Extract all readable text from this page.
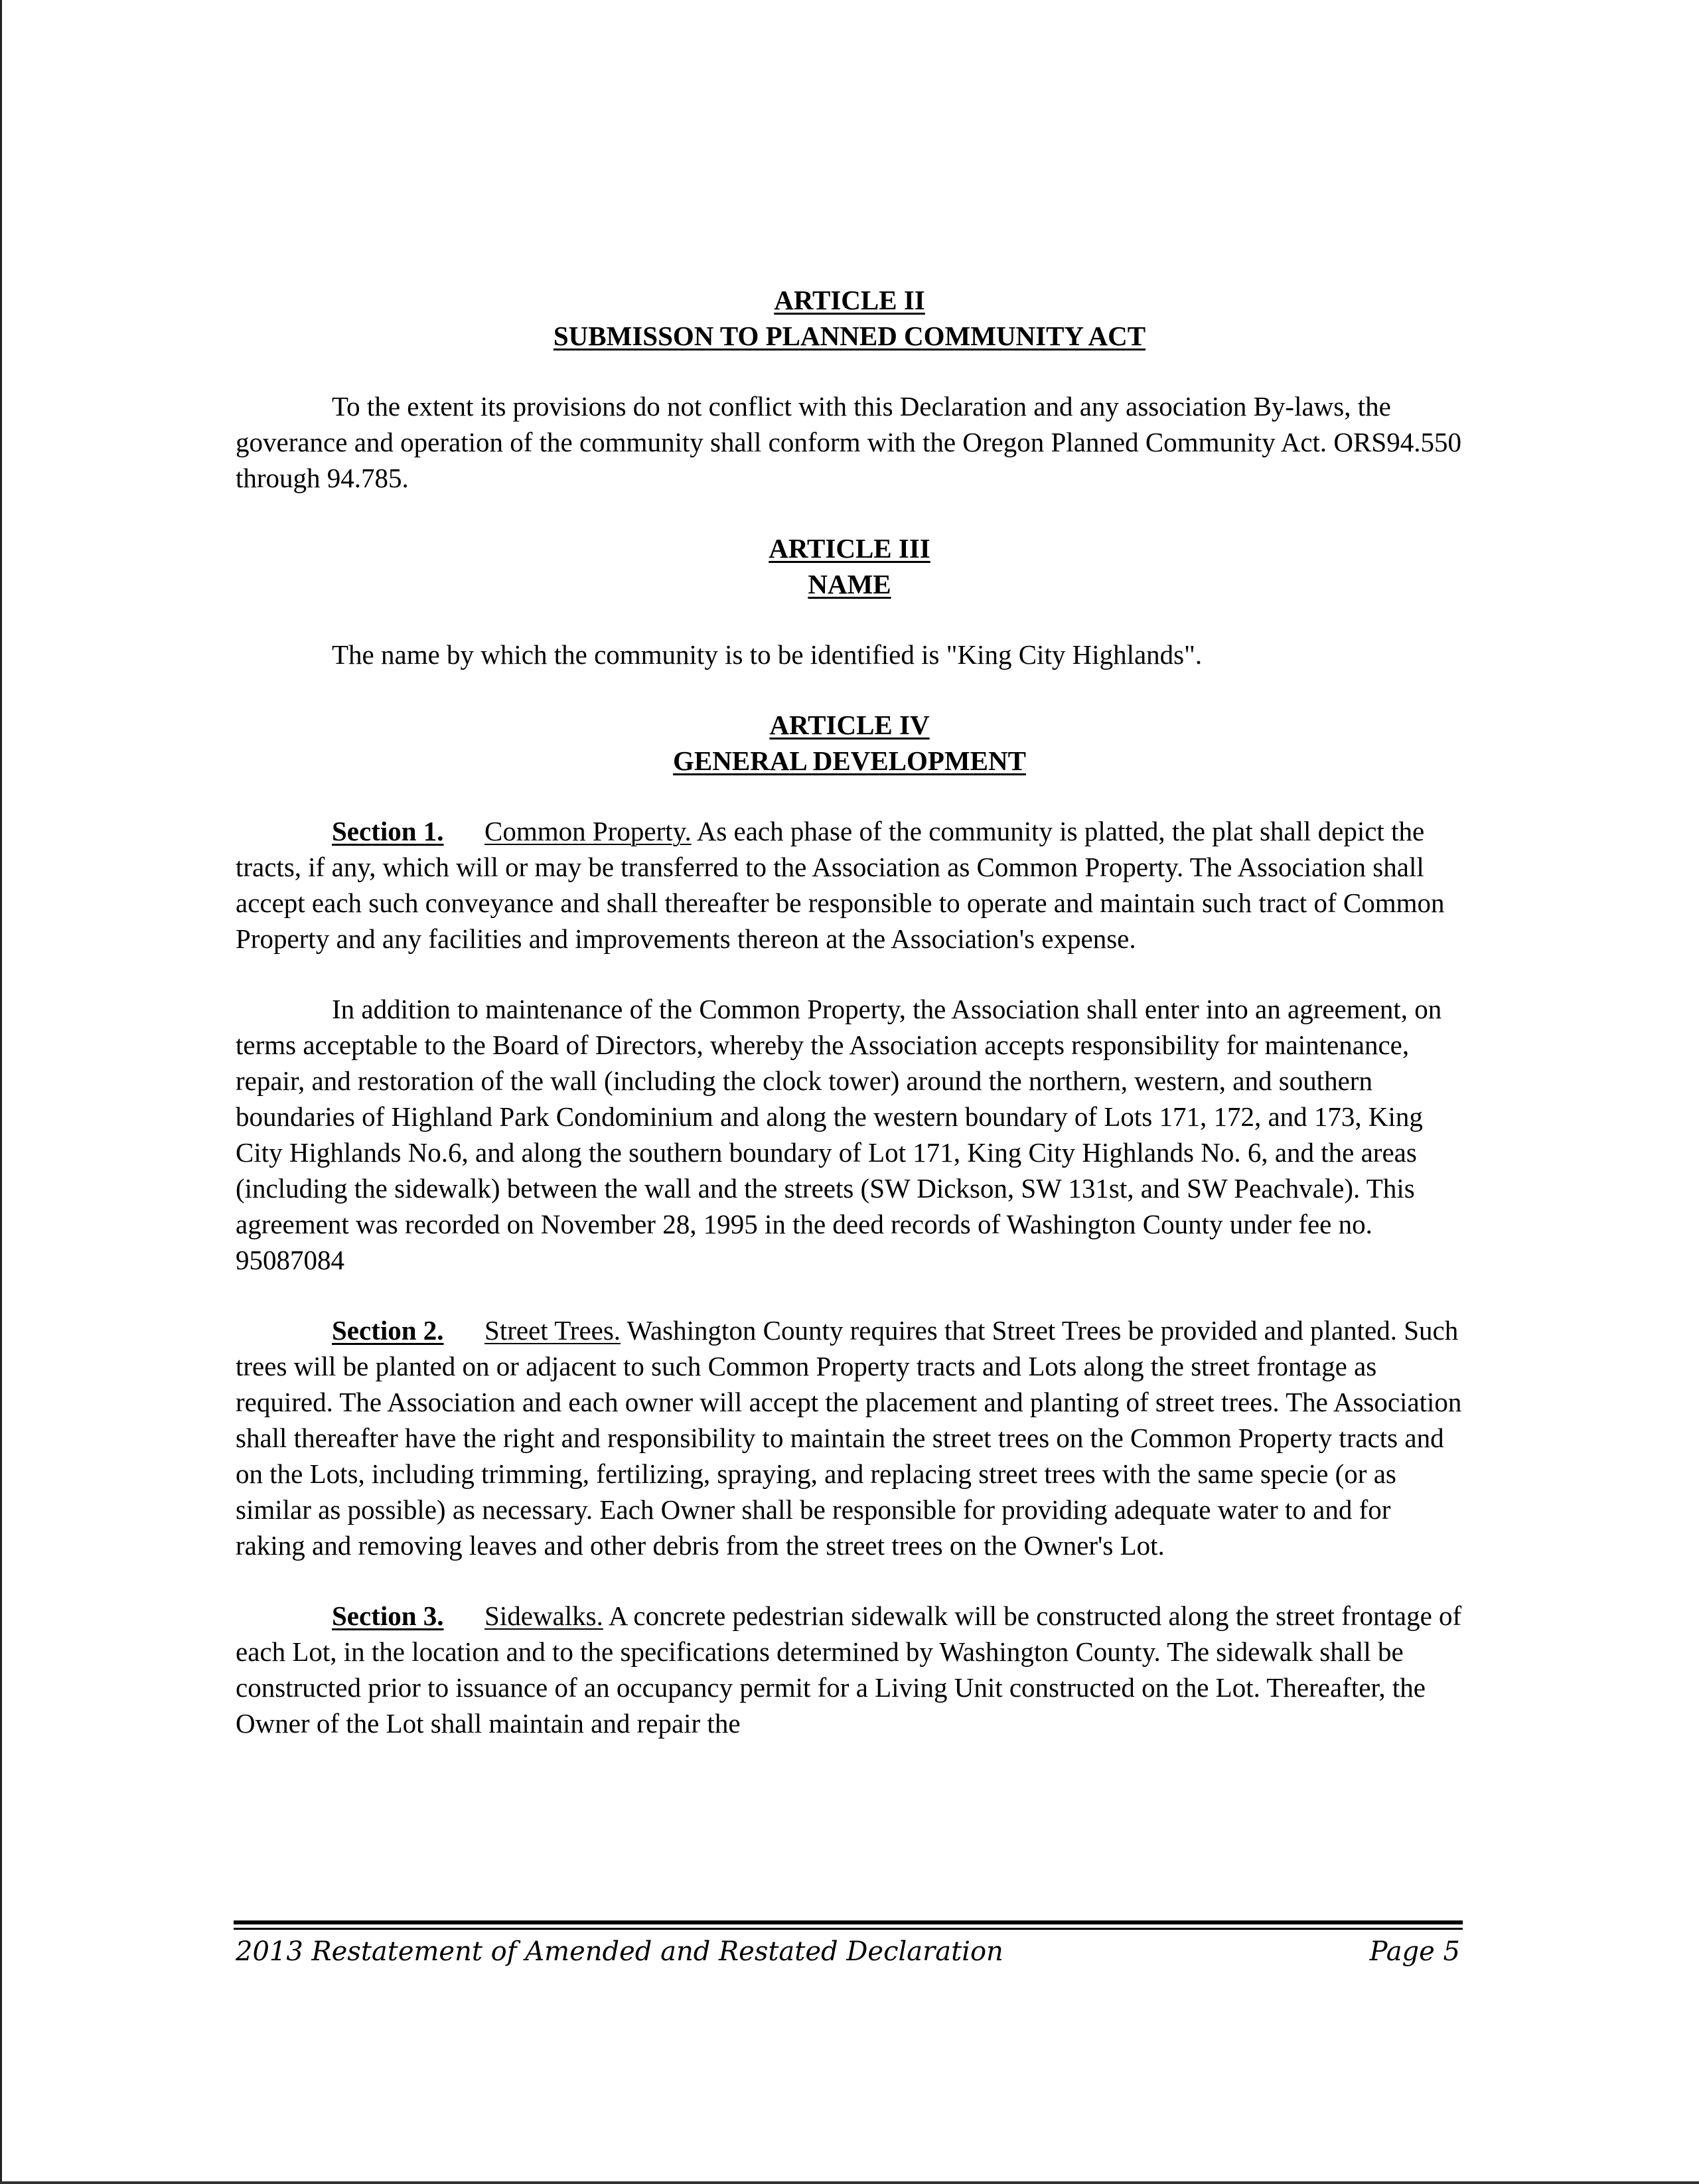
ARTICLE II

SUBMISSON TO PLANNED COMMUNITY ACT

To the extent its provisions do not conflict with this Declaration and any association By-laws, the goverance and operation of the community shall conform with the Oregon Planned Community Act. ORS94.550 through 94.785.

ARTICLE III

NAME

The name by which the community is to be identified is "King City Highlands".

ARTICLE IV

GENERAL DEVELOPMENT

Section 1. Common Property. As each phase of the community is platted, the plat shall depict the tracts, if any, which will or may be transferred to the Association as Common Property. The Association shall accept each such conveyance and shall thereafter be responsible to operate and maintain such tract of Common Property and any facilities and improvements thereon at the Association's expense.

In addition to maintenance of the Common Property, the Association shall enter into an agreement, on terms acceptable to the Board of Directors, whereby the Association accepts responsibility for maintenance, repair, and restoration of the wall (including the clock tower) around the northern, western, and southern boundaries of Highland Park Condominium and along the western boundary of Lots 171, 172, and 173, King City Highlands No.6, and along the southern boundary of Lot 171, King City Highlands No. 6, and the areas (including the sidewalk) between the wall and the streets (SW Dickson, SW 131st, and SW Peachvale). This agreement was recorded on November 28, 1995 in the deed records of Washington County under fee no. 95087084

Section 2. Street Trees. Washington County requires that Street Trees be provided and planted. Such trees will be planted on or adjacent to such Common Property tracts and Lots along the street frontage as required. The Association and each owner will accept the placement and planting of street trees. The Association shall thereafter have the right and responsibility to maintain the street trees on the Common Property tracts and on the Lots, including trimming, fertilizing, spraying, and replacing street trees with the same specie (or as similar as possible) as necessary. Each Owner shall be responsible for providing adequate water to and for raking and removing leaves and other debris from the street trees on the Owner's Lot.

Section 3. Sidewalks. A concrete pedestrian sidewalk will be constructed along the street frontage of each Lot, in the location and to the specifications determined by Washington County. The sidewalk shall be constructed prior to issuance of an occupancy permit for a Living Unit constructed on the Lot. Thereafter, the Owner of the Lot shall maintain and repair the

2013 Restatement of Amended and Restated Declaration	Page 5
